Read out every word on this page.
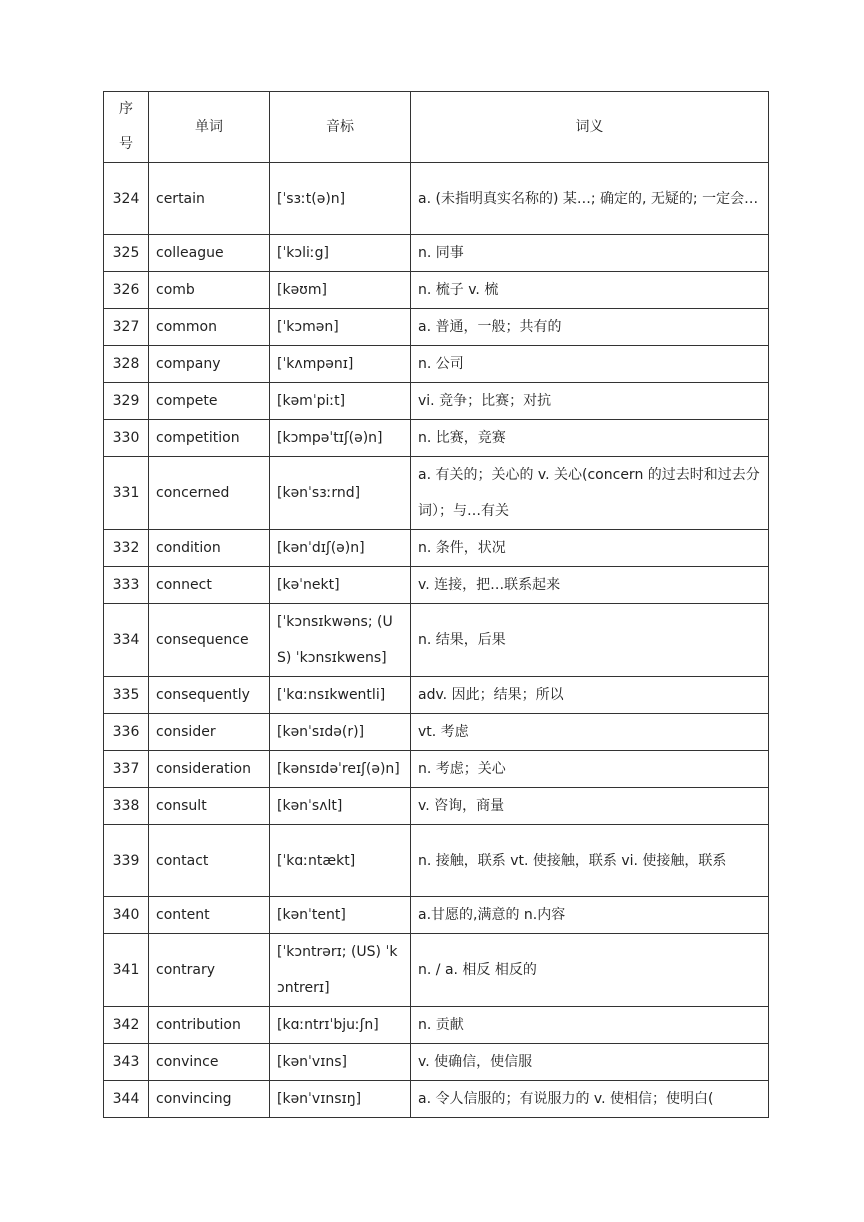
序号	单词	音标	词义
324	certain	[ˈsɜːt(ə)n]	a. (未指明真实名称的) 某…; 确定的, 无疑的; 一定会…
325	colleague	[ˈkɔliːg]	n. 同事
326	comb	[kəʊm]	n. 梳子 v. 梳
327	common	[ˈkɔmən]	a. 普通，一般；共有的
328	company	[ˈkʌmpənɪ]	n. 公司
329	compete	[kəmˈpiːt]	vi. 竞争；比赛；对抗
330	competition	[kɔmpəˈtɪʃ(ə)n]	n. 比赛，竞赛
331	concerned	[kənˈsɜːrnd]	a. 有关的；关心的 v. 关心(concern 的过去时和过去分词）；与…有关
332	condition	[kənˈdɪʃ(ə)n]	n. 条件，状况
333	connect	[kəˈnekt]	v. 连接，把…联系起来
334	consequence	[ˈkɔnsɪkwəns; (US) ˈkɔnsɪkwens]	n. 结果，后果
335	consequently	[ˈkɑːnsɪkwentli]	adv. 因此；结果；所以
336	consider	[kənˈsɪdə(r)]	vt. 考虑
337	consideration	[kənsɪdəˈreɪʃ(ə)n]	n. 考虑；关心
338	consult	[kənˈsʌlt]	v. 咨询，商量
339	contact	[ˈkɑːntækt]	n. 接触，联系 vt. 使接触，联系 vi. 使接触，联系
340	content	[kənˈtent]	a.甘愿的,满意的 n.内容
341	contrary	[ˈkɔntrərɪ; (US) ˈkɔntrerɪ]	n. / a. 相反 相反的
342	contribution	[kɑːntrɪˈbjuːʃn]	n. 贡献
343	convince	[kənˈvɪns]	v. 使确信，使信服
344	convincing	[kənˈvɪnsɪŋ]	a. 令人信服的；有说服力的 v. 使相信；使明白(
